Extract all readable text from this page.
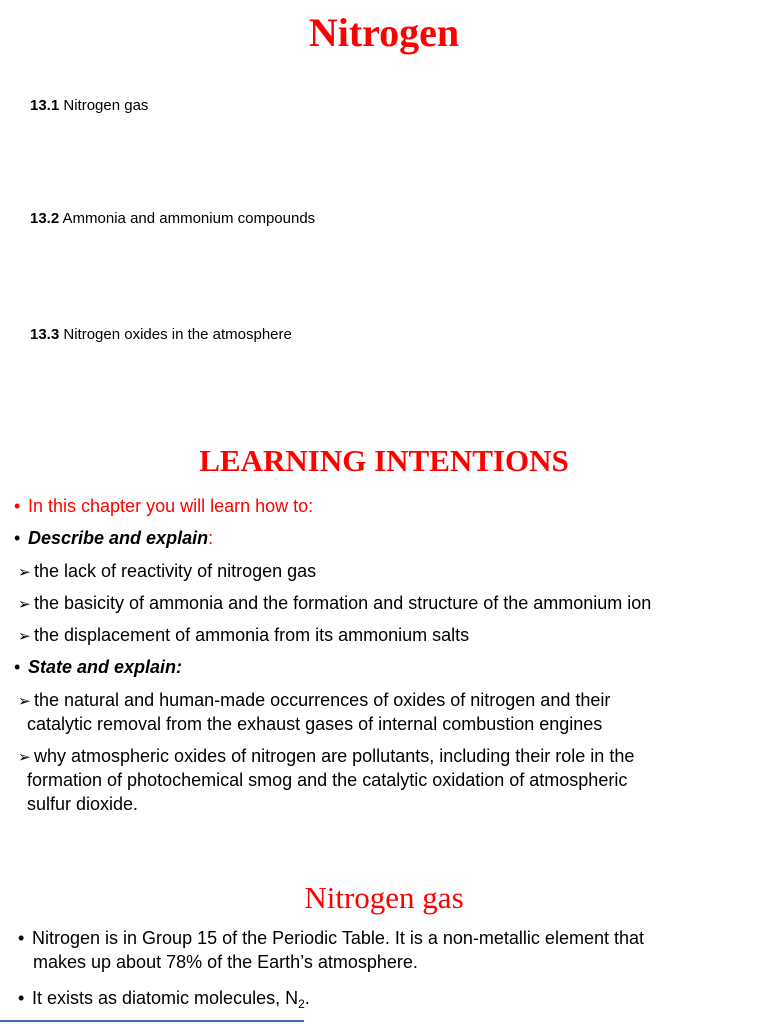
Nitrogen

13.1 Nitrogen gas

13.2 Ammonia and ammonium compounds

13.3 Nitrogen oxides in the atmosphere

LEARNING INTENTIONS

• In this chapter you will learn how to:

• Describe and explain:

➢ the lack of reactivity of nitrogen gas

➢ the basicity of ammonia and the formation and structure of the ammonium ion

➢ the displacement of ammonia from its ammonium salts

• State and explain:

➢ the natural and human-made occurrences of oxides of nitrogen and their

catalytic removal from the exhaust gases of internal combustion engines

➢ why atmospheric oxides of nitrogen are pollutants, including their role in the

formation of photochemical smog and the catalytic oxidation of atmospheric

sulfur dioxide.

Nitrogen gas

• Nitrogen is in Group 15 of the Periodic Table. It is a non-metallic element that

makes up about 78% of the Earth’s atmosphere.

• It exists as diatomic molecules, $N_2$.
